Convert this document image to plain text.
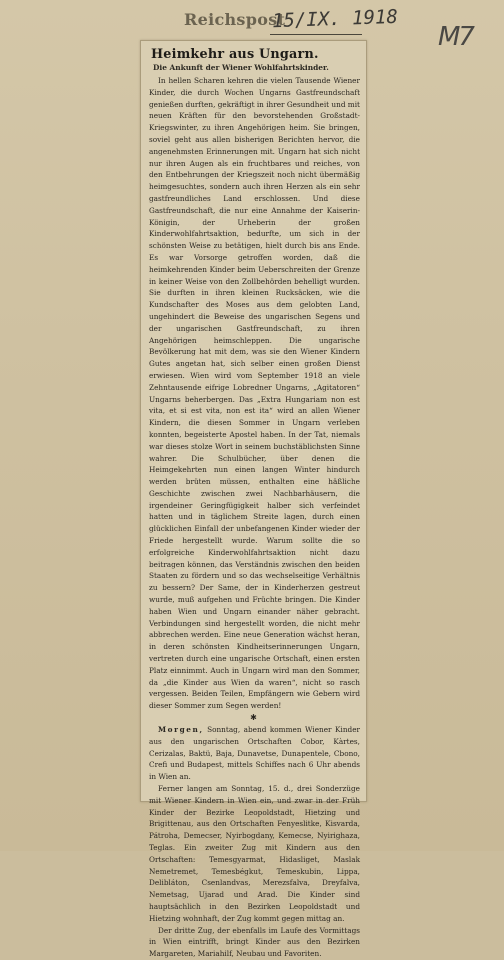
Reichspost
15/IX. 1918
M7
Heimkehr aus Ungarn.
Die Ankunft der Wiener Wohlfahrtskinder.
In hellen Scharen kehren die vielen Tausende Wiener Kinder, die durch Wochen Ungarns Gastfreundschaft genießen durften, gekräftigt in ihrer Gesundheit und mit neuen Kräften für den bevorstehenden Großstadt-Kriegswinter, zu ihren Angehörigen heim. Sie bringen, soviel geht aus allen bisherigen Berichten hervor, die angenehmsten Erinnerungen mit. Ungarn hat sich nicht nur ihren Augen als ein fruchtbares und reiches, von den Entbehrungen der Kriegszeit noch nicht übermäßig heimgesuchtes, sondern auch ihren Herzen als ein sehr gastfreundliches Land erschlossen. Und diese Gastfreundschaft, die nur eine Annahme der Kaiserin-Königin, der Urheberin der großen Kinderwohlfahrtsaktion, bedurfte, um sich in der schönsten Weise zu betätigen, hielt durch bis ans Ende. Es war Vorsorge getroffen worden, daß die heimkehrenden Kinder beim Ueberschreiten der Grenze in keiner Weise von den Zollbehörden behelligt wurden. Sie durften in ihren kleinen Rucksäcken, wie die Kundschafter des Moses aus dem gelobten Land, ungehindert die Beweise des ungarischen Segens und der ungarischen Gastfreundschaft, zu ihren Angehörigen heimschleppen. Die ungarische Bevölkerung hat mit dem, was sie den Wiener Kindern Gutes angetan hat, sich selber einen großen Dienst erwiesen. Wien wird vom September 1918 an viele Zehntausende eifrige Lobredner Ungarns, „Agitatoren“ Ungarns beherbergen. Das „Extra Hungariam non est vita, et si est vita, non est ita“ wird an allen Wiener Kindern, die diesen Sommer in Ungarn verleben konnten, begeisterte Apostel haben. In der Tat, niemals war dieses stolze Wort in seinem buchstäblichsten Sinne wahrer. Die Schulbücher, über denen die Heimgekehrten nun einen langen Winter hindurch werden brüten müssen, enthalten eine häßliche Geschichte zwischen zwei Nachbarhäusern, die irgendeiner Geringfügigkeit halber sich verfeindet hatten und in täglichem Streite lagen, durch einen glücklichen Einfall der unbefangenen Kinder wieder der Friede hergestellt wurde. Warum sollte die so erfolgreiche Kinderwohlfahrtsaktion nicht dazu beitragen können, das Verständnis zwischen den beiden Staaten zu fördern und so das wechselseitige Verhältnis zu bessern? Der Same, der in Kinderherzen gestreut wurde, muß aufgehen und Früchte bringen. Die Kinder haben Wien und Ungarn einander näher gebracht. Verbindungen sind hergestellt worden, die nicht mehr abbrechen werden. Eine neue Generation wächst heran, in deren schönsten Kindheitserinnerungen Ungarn, vertreten durch eine ungarische Ortschaft, einen ersten Platz einnimmt. Auch in Ungarn wird man den Sommer, da „die Kinder aus Wien da waren“, nicht so rasch vergessen. Beiden Teilen, Empfängern wie Gebern wird dieser Sommer zum Segen werden!
✱
Morgen, Sonntag, abend kommen Wiener Kinder aus den ungarischen Ortschaften Cobor, Kàrtes, Cerizalas, Baktü, Baja, Dunavetse, Dunapentele, Cbono, Crefi und Budapest, mittels Schiffes nach 6 Uhr abends in Wien an.
Ferner langen am Sonntag, 15. d., drei Sonderzüge mit Wiener Kindern in Wien ein, und zwar in der Früh Kinder der Bezirke Leopoldstadt, Hietzing und Brigittenau, aus den Ortschaften Fenyeslitke, Kisvarda, Pátroha, Demecser, Nyirbogdany, Kemecse, Nyirighaza, Teglas. Ein zweiter Zug mit Kindern aus den Ortschaften: Temesgyarmat, Hidasliget, Maslak Nemetremet, Temesbégkut, Temeskubin, Lippa, Delibláton, Csenlandvas, Merezsfalva, Dreyfalva, Nemetsag, Ujarad und Arad. Die Kinder sind hauptsächlich in den Bezirken Leopoldstadt und Hietzing wohnhaft, der Zug kommt gegen mittag an.
Der dritte Zug, der ebenfalls im Laufe des Vormittags in Wien eintrifft, bringt Kinder aus den Bezirken Margareten, Mariahilf, Neubau und Favoriten.
